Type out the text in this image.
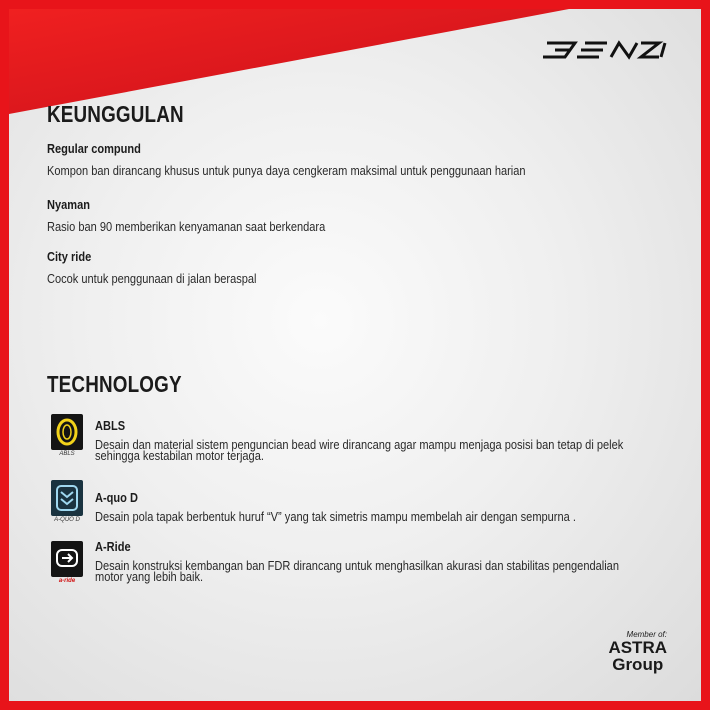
KEUNGGULAN
Regular compund
Kompon ban dirancang khusus untuk punya daya cengkeram maksimal untuk penggunaan harian
Nyaman
Rasio ban 90 memberikan kenyamanan saat berkendara
City ride
Cocok untuk penggunaan di jalan beraspal
TECHNOLOGY
ABLS
ABLS
Desain dan material sistem penguncian bead wire dirancang agar mampu menjaga posisi ban tetap di pelek sehingga kestabilan motor terjaga.
A-QUO D
A-quo D
Desain pola tapak berbentuk huruf “V” yang tak simetris mampu membelah air dengan sempurna .
a-ride
A-Ride
Desain konstruksi kembangan ban FDR dirancang untuk menghasilkan akurasi dan stabilitas pengendalian motor yang lebih baik.
Member of:
ASTRA
Group
